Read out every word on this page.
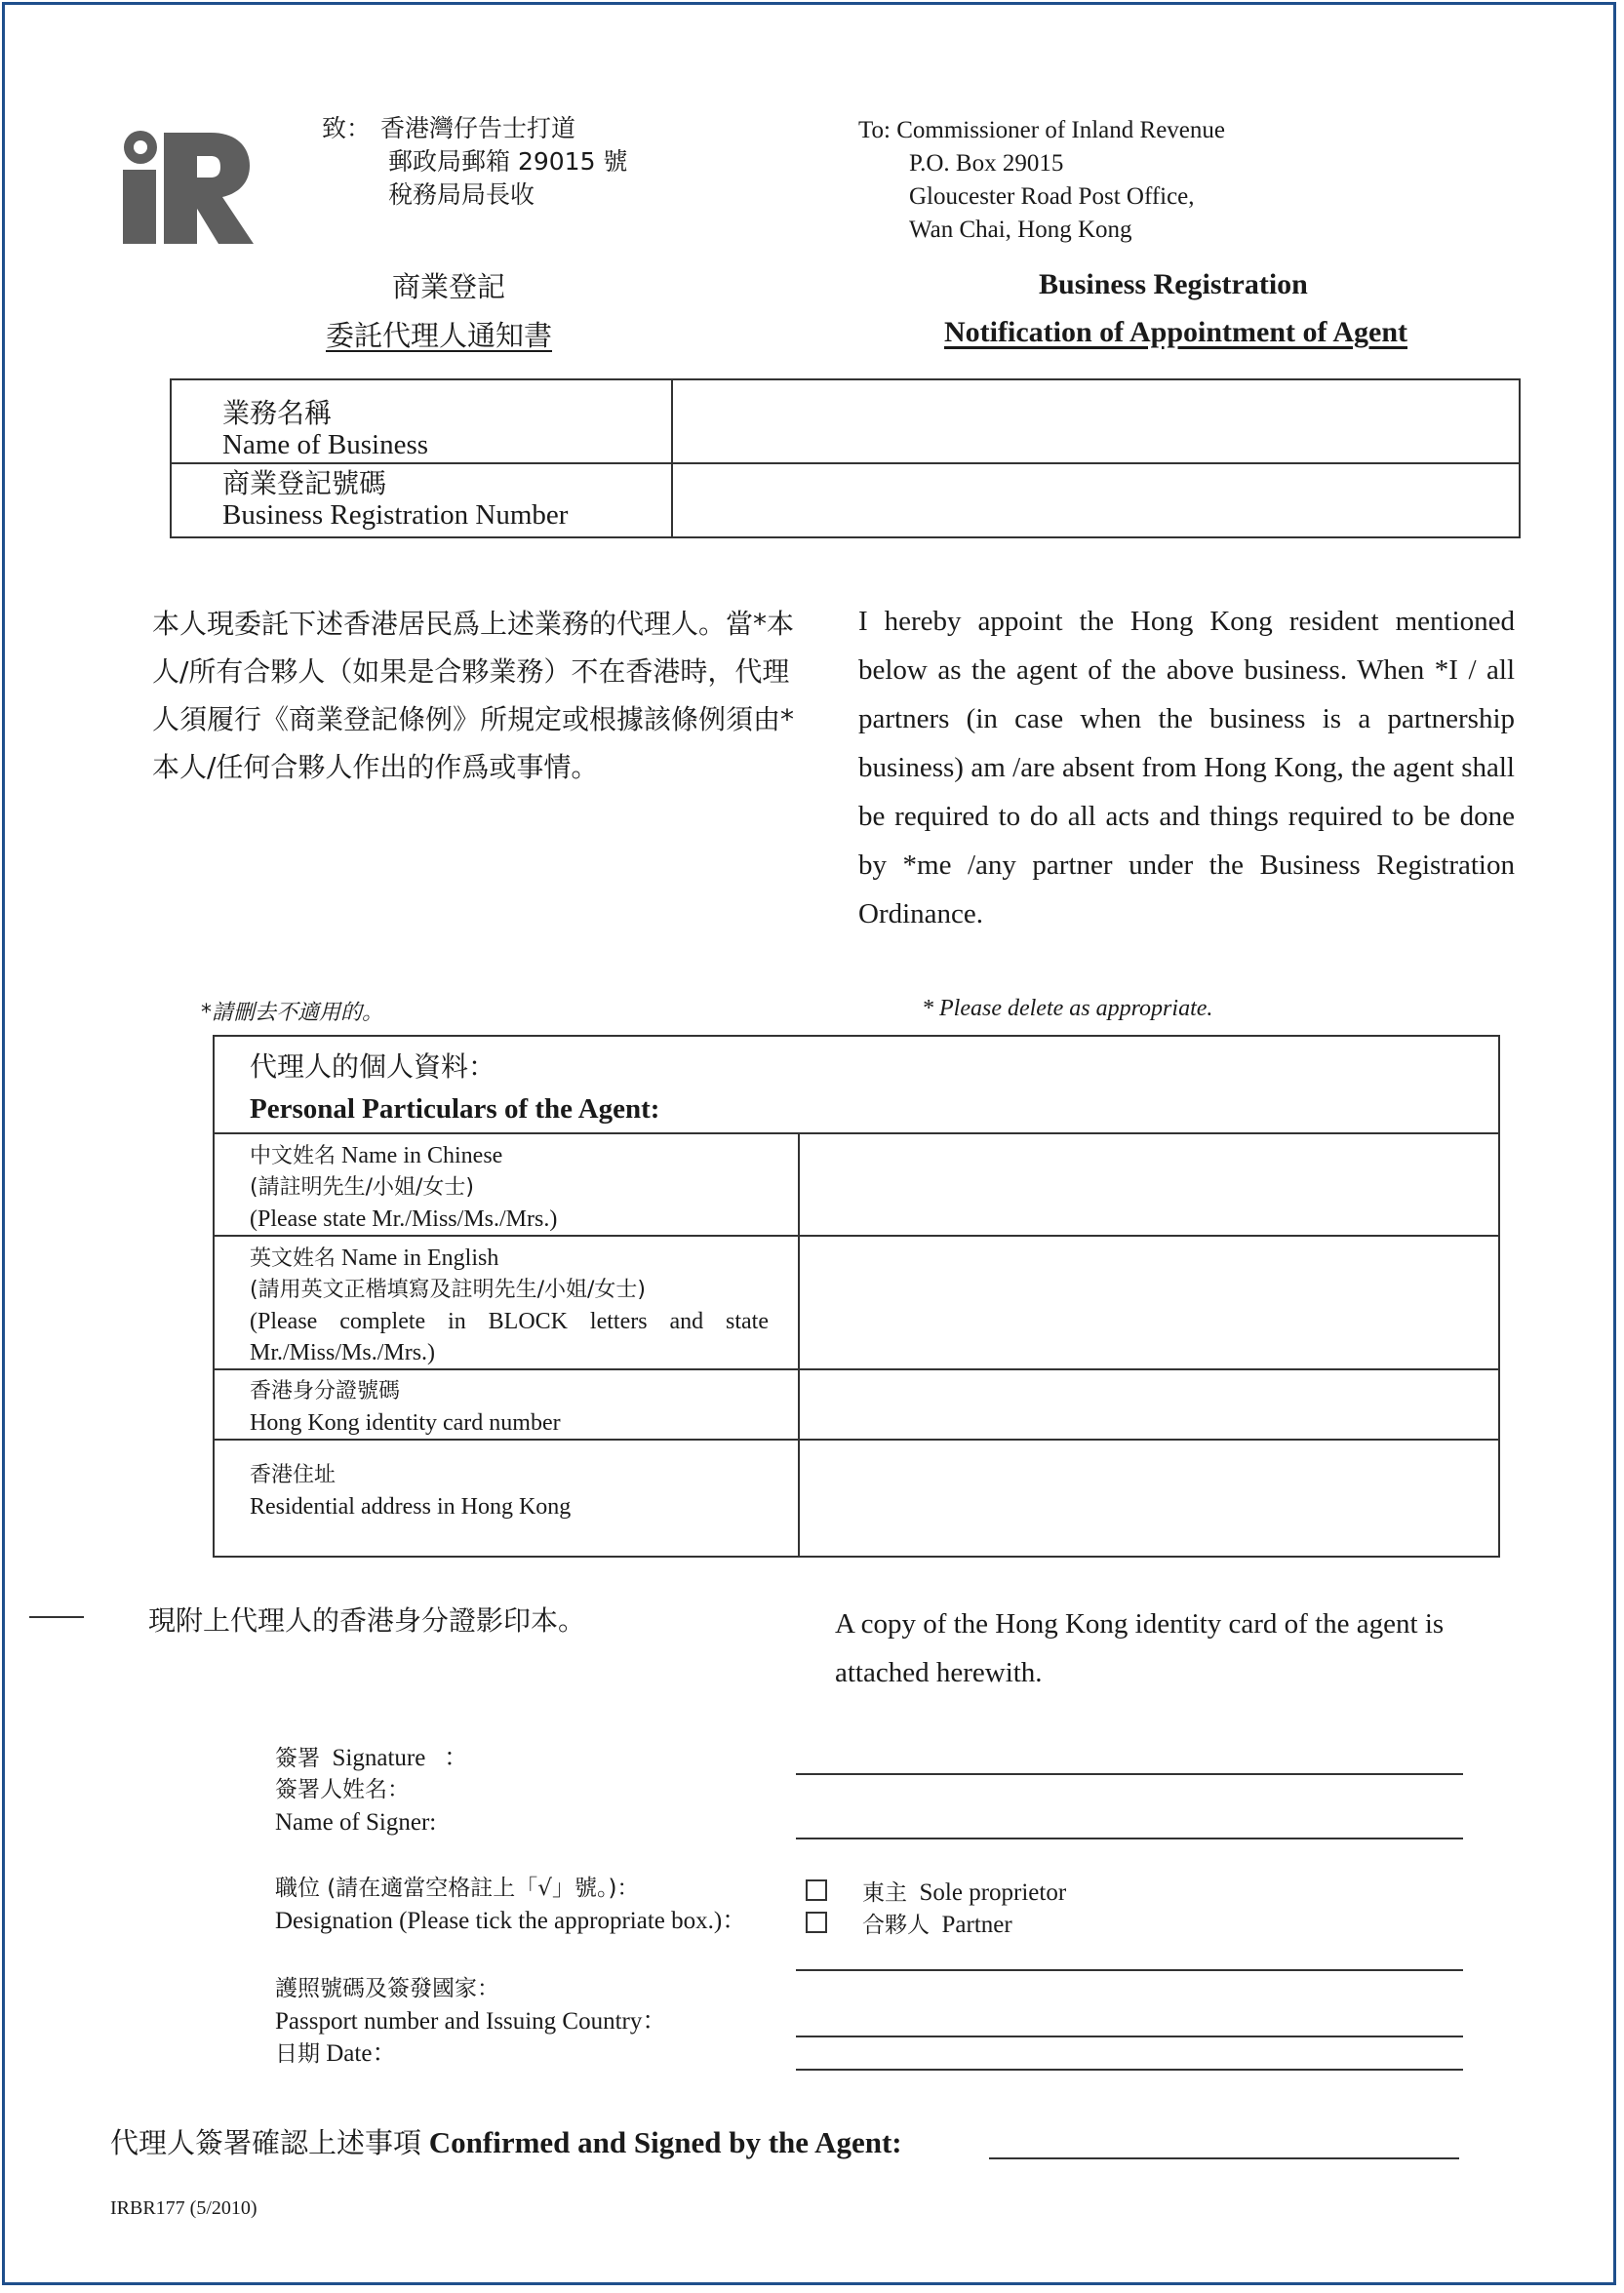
致： 香港灣仔告士打道
郵政局郵箱 29015 號
稅務局局長收
To: Commissioner of Inland Revenue
P.O. Box 29015
Gloucester Road Post Office,
Wan Chai, Hong Kong
商業登記
委託代理人通知書
Business Registration
Notification of Appointment of Agent
業務名稱
Name of Business	

商業登記號碼
Business Registration Number	

本人現委託下述香港居民爲上述業務的代理人。當*本人/所有合夥人（如果是合夥業務）不在香港時，代理人須履行《商業登記條例》所規定或根據該條例須由*本人/任何合夥人作出的作爲或事情。
I hereby appoint the Hong Kong resident mentioned below as the agent of the above business. When *I / all partners (in case when the business is a partnership business) am /are absent from Hong Kong, the agent shall be required to do all acts and things required to be done by *me /any partner under the Business Registration Ordinance.
*請刪去不適用的。	* Please delete as appropriate.
代理人的個人資料：
Personal Particulars of the Agent:	

中文姓名 Name in Chinese
(請註明先生/小姐/女士)
(Please state Mr./Miss/Ms./Mrs.)	

英文姓名 Name in English
(請用英文正楷填寫及註明先生/小姐/女士)
(Please complete in BLOCK letters and state Mr./Miss/Ms./Mrs.)	

香港身分證號碼
Hong Kong identity card number	

香港住址
Residential address in Hong Kong	

現附上代理人的香港身分證影印本。	A copy of the Hong Kong identity card of the agent is attached herewith.
簽署 Signature ：
簽署人姓名：
Name of Signer:
職位 (請在適當空格註上「√」號。)：
Designation (Please tick the appropriate box.)：
東主 Sole proprietor
合夥人 Partner
護照號碼及簽發國家：
Passport number and Issuing Country：
日期 Date：
代理人簽署確認上述事項 Confirmed and Signed by the Agent:
IRBR177 (5/2010)
